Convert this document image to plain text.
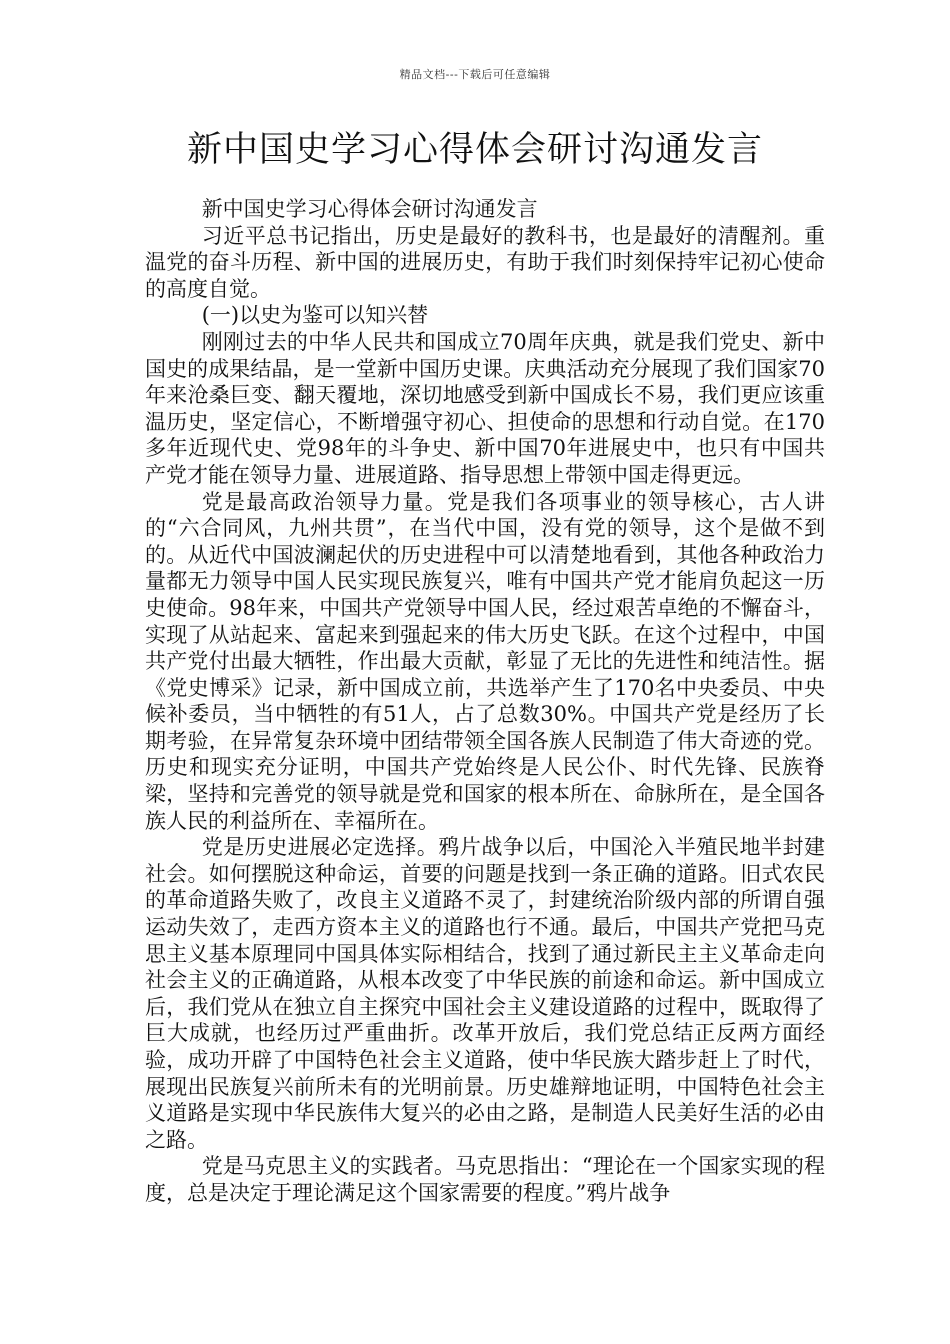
精品文档---下载后可任意编辑
新中国史学习心得体会研讨沟通发言

新中国史学习心得体会研讨沟通发言

习近平总书记指出，历史是最好的教科书，也是最好的清醒剂。重温党的奋斗历程、新中国的进展历史，有助于我们时刻保持牢记初心使命的高度自觉。

(一)以史为鉴可以知兴替

刚刚过去的中华人民共和国成立70周年庆典，就是我们党史、新中国史的成果结晶，是一堂新中国历史课。庆典活动充分展现了我们国家70年来沧桑巨变、翻天覆地，深切地感受到新中国成长不易，我们更应该重温历史，坚定信心，不断增强守初心、担使命的思想和行动自觉。在170多年近现代史、党98年的斗争史、新中国70年进展史中，也只有中国共产党才能在领导力量、进展道路、指导思想上带领中国走得更远。

党是最高政治领导力量。党是我们各项事业的领导核心，古人讲的“六合同风，九州共贯”，在当代中国，没有党的领导，这个是做不到的。从近代中国波澜起伏的历史进程中可以清楚地看到，其他各种政治力量都无力领导中国人民实现民族复兴，唯有中国共产党才能肩负起这一历史使命。98年来，中国共产党领导中国人民，经过艰苦卓绝的不懈奋斗，实现了从站起来、富起来到强起来的伟大历史飞跃。在这个过程中，中国共产党付出最大牺牲，作出最大贡献，彰显了无比的先进性和纯洁性。据《党史博采》记录，新中国成立前，共选举产生了170名中央委员、中央候补委员，当中牺牲的有51人，占了总数30%。中国共产党是经历了长期考验，在异常复杂环境中团结带领全国各族人民制造了伟大奇迹的党。历史和现实充分证明，中国共产党始终是人民公仆、时代先锋、民族脊梁，坚持和完善党的领导就是党和国家的根本所在、命脉所在，是全国各族人民的利益所在、幸福所在。

党是历史进展必定选择。鸦片战争以后，中国沦入半殖民地半封建社会。如何摆脱这种命运，首要的问题是找到一条正确的道路。旧式农民的革命道路失败了，改良主义道路不灵了，封建统治阶级内部的所谓自强运动失效了，走西方资本主义的道路也行不通。最后，中国共产党把马克思主义基本原理同中国具体实际相结合，找到了通过新民主主义革命走向社会主义的正确道路，从根本改变了中华民族的前途和命运。新中国成立后，我们党从在独立自主探究中国社会主义建设道路的过程中，既取得了巨大成就，也经历过严重曲折。改革开放后，我们党总结正反两方面经验，成功开辟了中国特色社会主义道路，使中华民族大踏步赶上了时代，展现出民族复兴前所未有的光明前景。历史雄辩地证明，中国特色社会主义道路是实现中华民族伟大复兴的必由之路，是制造人民美好生活的必由之路。

党是马克思主义的实践者。马克思指出：“理论在一个国家实现的程度，总是决定于理论满足这个国家需要的程度。”鸦片战争
